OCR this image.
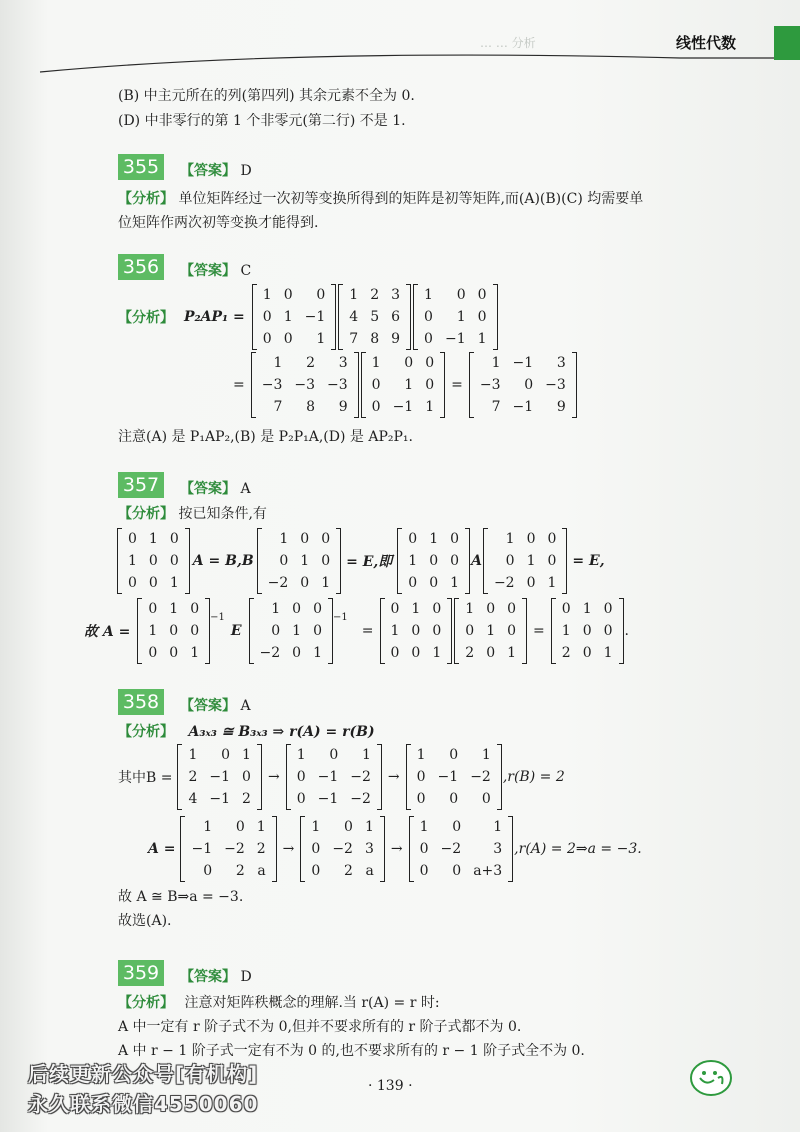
… … 分析	线性代数
(B) 中主元所在的列(第四列) 其余元素不全为 0.
(D) 中非零行的第 1 个非零元(第二行) 不是 1.
355	【答案】 D
【分析】 单位矩阵经过一次初等变换所得到的矩阵是初等矩阵,而(A)(B)(C) 均需要单
位矩阵作两次初等变换才能得到.
356	【答案】 C
【分析】 P₂AP₁ =
1	0	0
0	1	−1
0	0	1
1	2	3
4	5	6
7	8	9
1	0	0
0	1	0
0	−1	1
=
1	2	3
−3	−3	−3
7	8	9
1	0	0
0	1	0
0	−1	1
=
1	−1	3
−3	0	−3
7	−1	9
注意(A) 是 P₁AP₂,(B) 是 P₂P₁A,(D) 是 AP₂P₁.
357	【答案】 A
【分析】 按已知条件,有
0	1	0
1	0	0
0	0	1
A = B,B
1	0	0
0	1	0
−2	0	1
= E,即
0	1	0
1	0	0
0	0	1
A
1	0	0
0	1	0
−2	0	1
= E,
故 A =
0	1	0
1	0	0
0	0	1
−1
E
1	0	0
0	1	0
−2	0	1
−1
=
0	1	0
1	0	0
0	0	1
1	0	0
0	1	0
2	0	1
=
0	1	0
1	0	0
2	0	1
.
358	【答案】 A
【分析】 A₃ₓ₃ ≅ B₃ₓ₃ ⇒ r(A) = r(B)
其中B =
1	0	1
2	−1	0
4	−1	2
→
1	0	1
0	−1	−2
0	−1	−2
→
1	0	1
0	−1	−2
0	0	0
,r(B) = 2
A =
1	0	1
−1	−2	2
0	2	a
→
1	0	1
0	−2	3
0	2	a
→
1	0	1
0	−2	3
0	0	a+3
,r(A) = 2⇒a = −3.
故 A ≅ B⇒a = −3.
故选(A).
359	【答案】 D
【分析】 注意对矩阵秩概念的理解.当 r(A) = r 时:
A 中一定有 r 阶子式不为 0,但并不要求所有的 r 阶子式都不为 0.
A 中 r − 1 阶子式一定有不为 0 的,也不要求所有的 r − 1 阶子式全不为 0.
· 139 ·
后续更新公众号[有机构]
永久联系微信4550060
